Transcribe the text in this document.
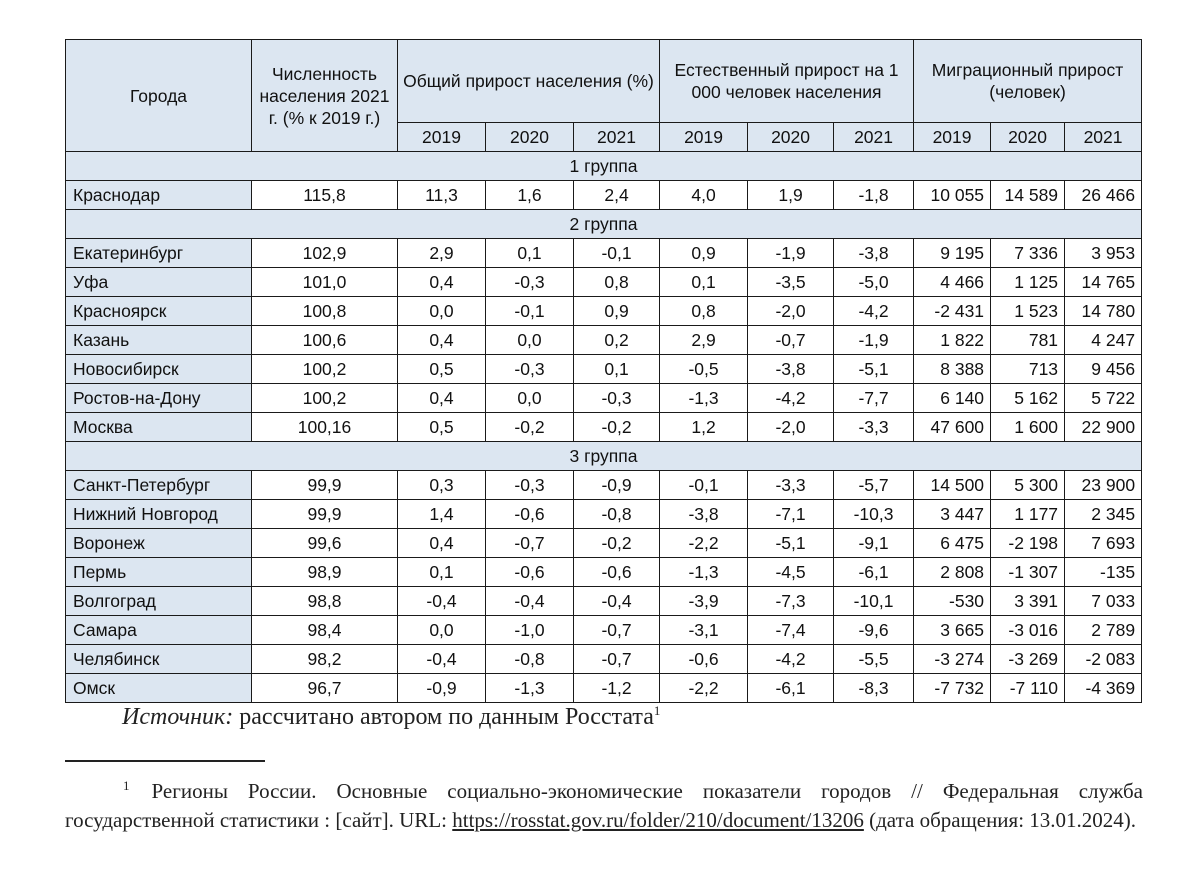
Города	Численность населения 2021 г. (% к 2019 г.)	Общий прирост населения (%)			Естественный прирост на 1 000 человек населения			Миграционный прирост (человек)		
		2019	2020	2021	2019	2020	2021	2019	2020	2021
1 группа										
Краснодар	115,8	11,3	1,6	2,4	4,0	1,9	-1,8	10 055	14 589	26 466
2 группа										
Екатеринбург	102,9	2,9	0,1	-0,1	0,9	-1,9	-3,8	9 195	7 336	3 953
Уфа	101,0	0,4	-0,3	0,8	0,1	-3,5	-5,0	4 466	1 125	14 765
Красноярск	100,8	0,0	-0,1	0,9	0,8	-2,0	-4,2	-2 431	1 523	14 780
Казань	100,6	0,4	0,0	0,2	2,9	-0,7	-1,9	1 822	781	4 247
Новосибирск	100,2	0,5	-0,3	0,1	-0,5	-3,8	-5,1	8 388	713	9 456
Ростов-на-Дону	100,2	0,4	0,0	-0,3	-1,3	-4,2	-7,7	6 140	5 162	5 722
Москва	100,16	0,5	-0,2	-0,2	1,2	-2,0	-3,3	47 600	1 600	22 900
3 группа										
Санкт-Петербург	99,9	0,3	-0,3	-0,9	-0,1	-3,3	-5,7	14 500	5 300	23 900
Нижний Новгород	99,9	1,4	-0,6	-0,8	-3,8	-7,1	-10,3	3 447	1 177	2 345
Воронеж	99,6	0,4	-0,7	-0,2	-2,2	-5,1	-9,1	6 475	-2 198	7 693
Пермь	98,9	0,1	-0,6	-0,6	-1,3	-4,5	-6,1	2 808	-1 307	-135
Волгоград	98,8	-0,4	-0,4	-0,4	-3,9	-7,3	-10,1	-530	3 391	7 033
Самара	98,4	0,0	-1,0	-0,7	-3,1	-7,4	-9,6	3 665	-3 016	2 789
Челябинск	98,2	-0,4	-0,8	-0,7	-0,6	-4,2	-5,5	-3 274	-3 269	-2 083
Омск	96,7	-0,9	-1,3	-1,2	-2,2	-6,1	-8,3	-7 732	-7 110	-4 369
Источник: рассчитано автором по данным Росстата$^1$
$^1$ Регионы России. Основные социально-экономические показатели городов // Федеральная служба государственной статистики : [сайт]. URL: https://rosstat.gov.ru/folder/210/document/13206 (дата обращения: 13.01.2024).
